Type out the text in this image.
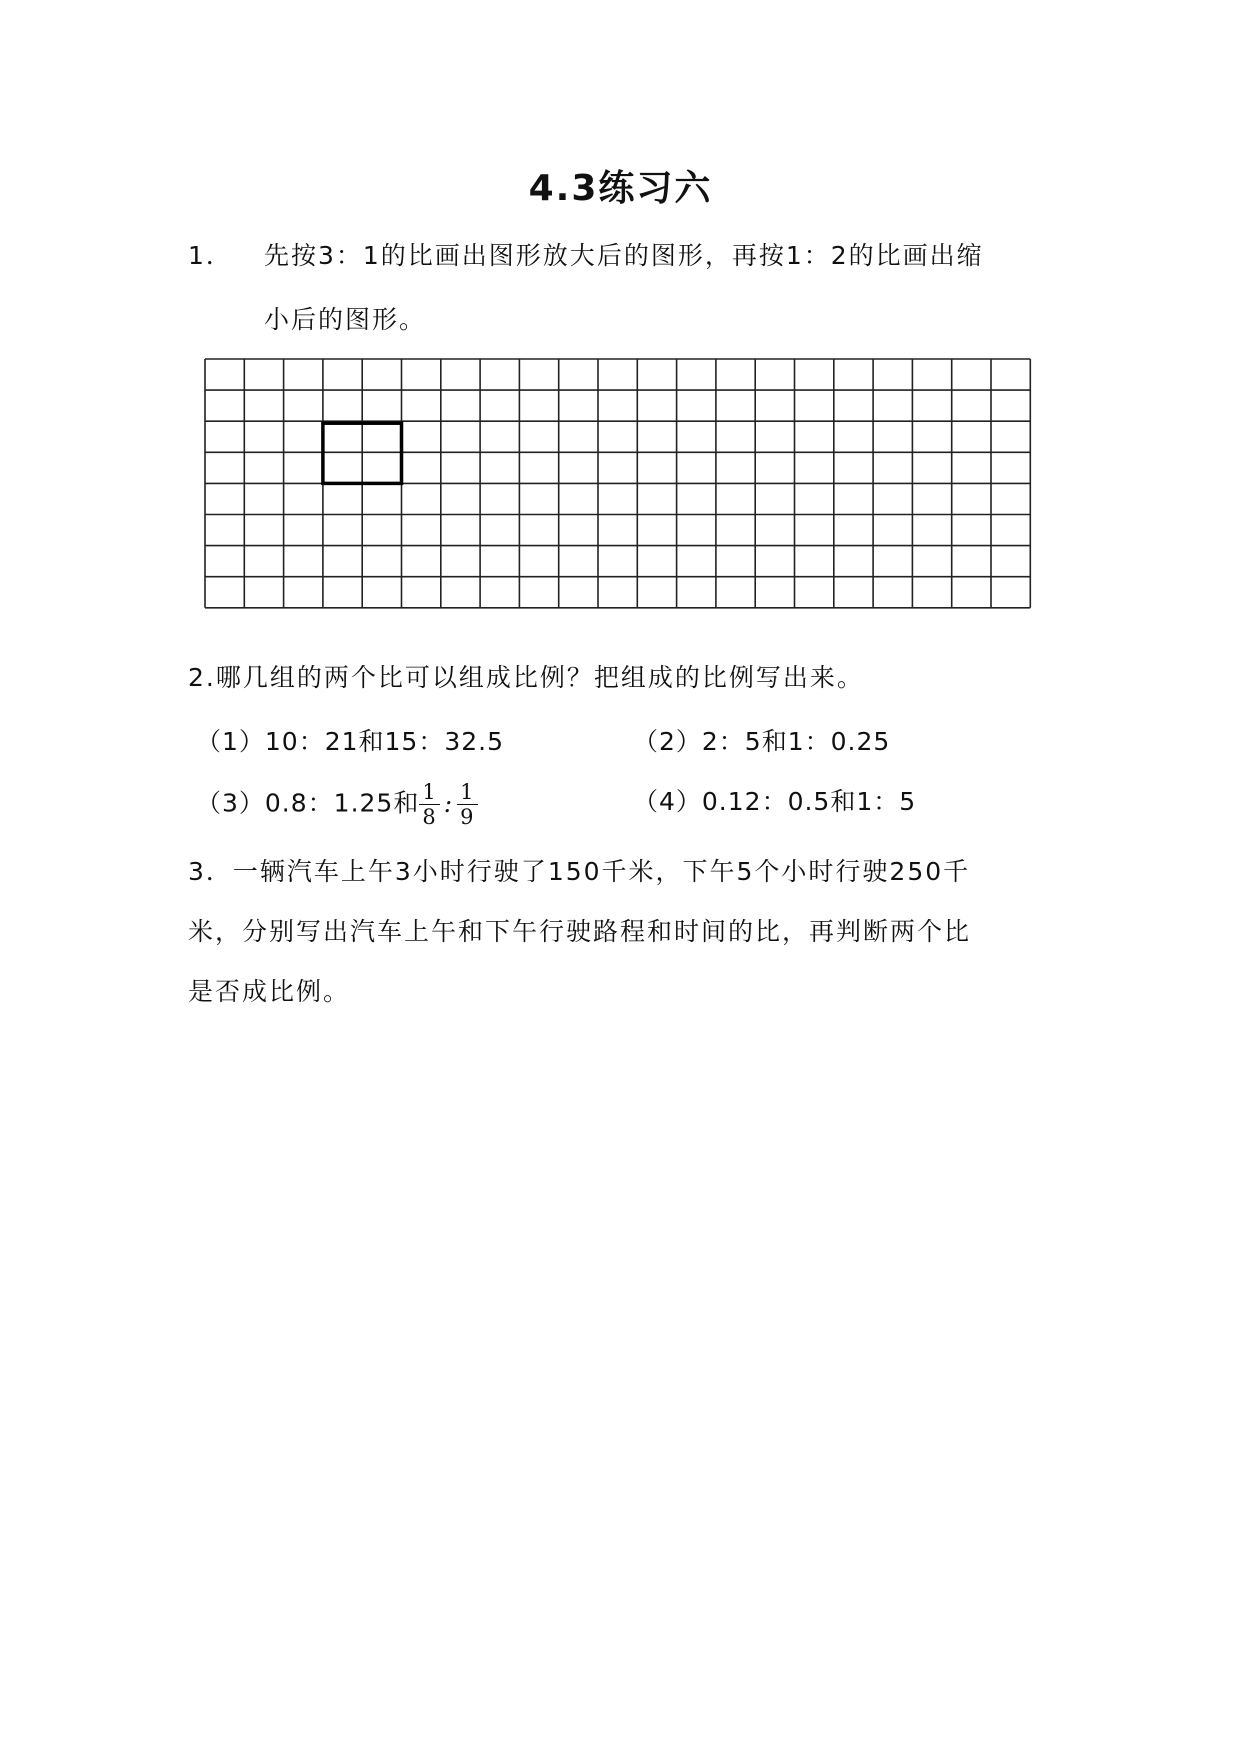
4.3练习六
1． 先按3：1的比画出图形放大后的图形，再按1：2的比画出缩
小后的图形。
2.哪几组的两个比可以组成比例？把组成的比例写出来。
（1）10：21和15：32.5	（2）2：5和1：0.25
（3）0.8：1.25和 $\frac{1}{8}$ : $\frac{1}{9}$	（4）0.12：0.5和1：5
3．一辆汽车上午3小时行驶了150千米，下午5个小时行驶250千
米，分别写出汽车上午和下午行驶路程和时间的比，再判断两个比
是否成比例。
